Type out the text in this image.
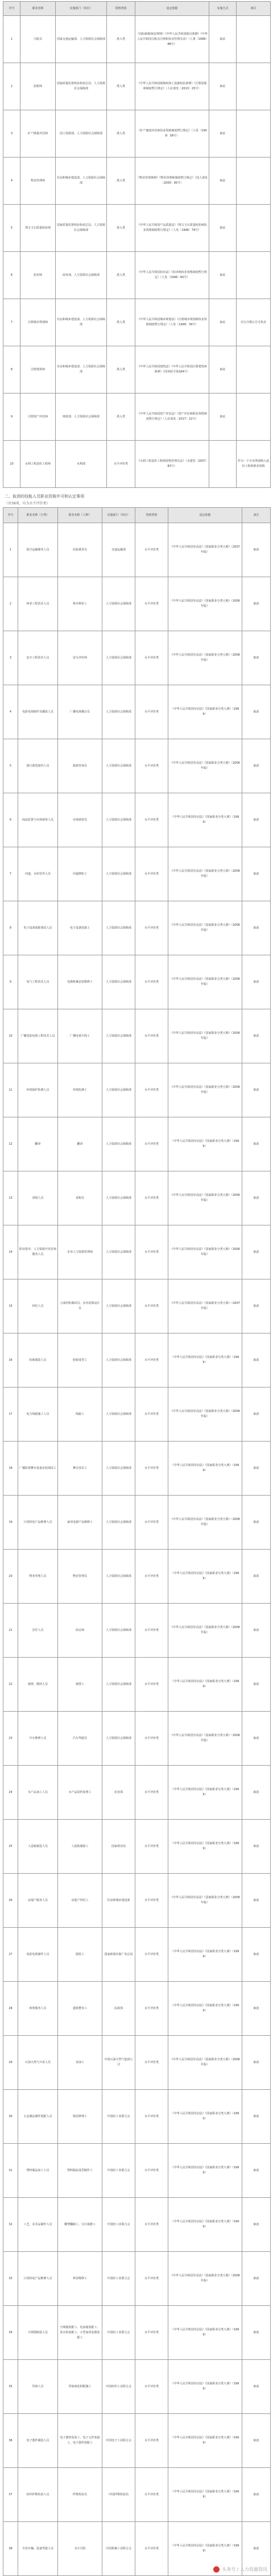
序号	职业名称	实施部门（单位）	资格类别	设定依据	实施方式	备注
1	引航员	国家交通运输部、人力资源社会保障部	准入类	《国际船舶保安规则》《中华人民共和国船员条例》《中华人民共和国引航员注册和执业管理办法》（人事〔1999〕88号）	取证	
2	验船师	国家质量监督检验检疫总局、人力资源社会保障部	准入类	《中华人民共和国船舶和海上设施检验条例》《注册验船师制度暂行规定》（人社部发〔2013〕25号）	取证	
3	矿产储量评估师	国土资源部、人力资源社会保障部	准入类	《矿产储量评估师执业资格制度暂行规定》（人发〔1999〕38号）	取证	
4	物业管理师	住房和城乡建设部、人力资源社会保障部	准入类	《物业管理条例》《物业管理师制度暂行规定》（国人部发〔2005〕95号）	取证	
5	珠宝玉石质量检验师	国家质量监督检验检疫总局、人力资源社会保障部	准入类	《中华人民共和国产品质量法》《珠宝玉石质量检验师执业资格制度暂行规定》（人发〔1996〕79号）	取证	
6	拍卖师	商务部、人力资源社会保障部	准入类	《中华人民共和国拍卖法》《拍卖师执业资格制度暂行规定》（人发〔1996〕60号）	取证	
7	注册城市规划师	住房和城乡建设部、人力资源社会保障部	准入类	《中华人民共和国城乡规划法》《注册城市规划师执业资格制度暂行规定》（人发〔1999〕39号）	取证	实行注册后方可执业
8	注册建筑师	住房和城乡建设部、人力资源社会保障部	准入类	《中华人民共和国建筑法》《中华人民共和国注册建筑师条例》（国务院令第184号）	取证	
9	注册资产评估师	财政部、人力资源社会保障部	准入类	《中华人民共和国资产评估法》《资产评估师职业资格制度暂行规定》（人社部发〔2017〕22号）	取证	
10	水利工程造价工程师	水利部	水平评价类	《水利工程造价工程师资格管理办法》（水建管〔2007〕83号）		作为一个专业类别纳入造价工程师职业资格
二、取消的技能人员职业资格许可和认定事项
（共38项，均为水平评价类）
序号	职业名称（小类）	职业名称（工种）	实施部门（单位）	资格类别	设定依据	备注
1	航空运输服务人员	民航乘务员	交通运输部	水平评价类	《中华人民共和国劳动法》《国家职业分类大典》（2007年版）	取消
2	林业工程技术人员	林木种苗工	人力资源社会保障部	水平评价类	《中华人民共和国劳动法》《国家职业分类大典》（2006年版）	取消
3	安全工程技术人员	安全评价师	人力资源社会保障部	水平评价类	《中华人民共和国劳动法》《国家职业分类大典》（2006年版）	取消
4	电影电视制作及播放人员	广播电视播音员	人力资源社会保障部	水平评价类	《中华人民共和国劳动法》《国家职业分类大典》（1999）	取消
5	旅行游览接待人员	旅游咨询员	人力资源社会保障部	水平评价类	《中华人民共和国劳动法》《国家职业分类大典》（2006年版）	取消
6	商品监督与市场调查人员	市场调查员	人力资源社会保障部	水平评价类	《中华人民共和国劳动法》《国家职业分类大典》（1999）	取消
7	河道、水库管养人员	河道修防工	人力资源社会保障部	水平评价类	《中华人民共和国劳动法》《国家职业分类大典》（2006年版）	取消
8	电子设备装配调试人员	电子设备装接工	人力资源社会保障部	水平评价类	《中华人民共和国劳动法》《国家职业分类大典》（2006年版）	取消
9	电气工程技术人员	电梯机械安装维修工	人力资源社会保障部	水平评价类	《中华人民共和国劳动法》《国家职业分类大典》（2006年版）	取消
10	广播电影电视工程技术人员	广播电视天线工	人力资源社会保障部	水平评价类	《中华人民共和国劳动法》《国家职业分类大典》（2006年版）	取消
11	环境保护检测人员	环境监测工	人力资源社会保障部	水平评价类	《中华人民共和国劳动法》《国家职业分类大典》（2006年版）	取消
12	翻译	翻译	人力资源社会保障部	水平评价类	《中华人民共和国劳动法》《国家职业分类大典》（1999）	取消
13	采购人员	采购员	人力资源社会保障部	水平评价类	《中华人民共和国劳动法》《国家职业分类大典》（2006年版）	取消
14	职业指导、人力资源开发咨询服务人员	企业人力资源管理师	人力资源社会保障部	水平评价类	《中华人民共和国劳动法》《国家职业分类大典》（2006年版）	取消
15	经纪人员	合成材料测试员、室内装饰设计员	人力资源社会保障部	水平评价类	《中华人民共和国劳动法》《国家职业分类大典》（2007年版）	取消
16	轮胎制造人员	轮胎成型工	人力资源社会保障部	水平评价类	《中华人民共和国劳动法》《国家职业分类大典》（1999）	取消
17	电力线路施工人员	线路工	人力资源社会保障部	水平评价类	《中华人民共和国劳动法》《国家职业分类大典》（2006年版）	取消
18	广播影视舞台设备安装调试工	舞台技术工	人力资源社会保障部	水平评价类	《中华人民共和国劳动法》《国家职业分类大典》（1999）	取消
19	日用机电产品维修人员	家用电器产品维修工	人力资源社会保障部	水平评价类	《中华人民共和国劳动法》《国家职业分类大典》（2006年版）	取消
20	物业管理人员	物业管理员	人力资源社会保障部	水平评价类	《中华人民共和国劳动法》《国家职业分类大典》（1999）	取消
21	烹饪人员	面点师	人力资源社会保障部	水平评价类	《中华人民共和国劳动法》《国家职业分类大典》（2006年版）	取消
22	裁剪、缝纫人员	裁剪工	人力资源社会保障部	水平评价类	《中华人民共和国劳动法》《国家职业分类大典》（1999）	取消
23	汽车维修人员	汽车驾驶员	人力资源社会保障部	水平评价类	《中华人民共和国劳动法》《国家职业分类大典》（2006年版）	取消
24	水产品加工人员	水产品原料处理工	农业部	水平评价类	《中华人民共和国劳动法》《国家职业分类大典》（1999）	取消
25	人造板制造人员	人造板制胶工	国家林业局	水平评价类	《中华人民共和国劳动法》《国家职业分类大典》（1999）	取消
26	房地产服务人员	房地产经纪人	住房和城乡建设部	水平评价类	《中华人民共和国劳动法》《国家职业分类大典》（2006年版）	取消
27	电影电视制作人员	剧装工	国家新闻出版广电总局	水平评价类	《中华人民共和国劳动法》《国家职业分类大典》（1999）	取消
28	殡葬服务人员	遗体整容工	民政部	水平评价类	《中华人民共和国劳动法》《国家职业分类大典》（1999）	取消
29	石油天然气开采人员	采油工	中国石油天然气集团公司	水平评价类	《中华人民共和国劳动法》《国家职业分类大典》（2006年版）	取消
30	五金制品制作装配人员	锁具修理工	中国轻工业联合会	水平评价类	《中华人民共和国劳动法》《国家职业分类大典》（1999）	取消
31	塑料制品加工人员	塑料制品成型制作工	中国轻工业联合会	水平评价类	《中华人民共和国劳动法》《国家职业分类大典》（1999）	取消
32	工艺、美术品制作人员	雕塑翻制工、宝石琢磨工	中国轻工业联合会	水平评价类	《中华人民共和国劳动法》《国家职业分类大典》（1999）	取消
33	日用机电产品维修人员	钟表维修工	中国轻工业联合会	水平评价类	《中华人民共和国劳动法》《国家职业分类大典》（2006年版）	取消
34	空调器制造人员	空调器装配工、电冰箱装配工、洗衣机装配工、小型家用电器装配工	中国轻工业联合会	水平评价类	《中华人民共和国劳动法》《国家职业分类大典》（1999）	取消
35	印染人员	印染染化料配制工	中国纺织工业联合会	水平评价类	《中华人民共和国劳动法》《国家职业分类大典》（1999）	取消
36	电子器件制造人员	电子器件检验工、电子元件装接工、电子器件装配工	中国电子工业联合会	水平评价类	《中华人民共和国劳动法》《国家职业分类大典》（1999）	取消
37	纺织纤维检验人员	纤维检验员	中国纤维检验局	水平评价类	《中华人民共和国劳动法》《国家职业分类大典》（1999）	取消
38	专用车辆、设备驾驶人员	叉车司机	中国机械工业联合会	水平评价类	《中华人民共和国劳动法》《国家职业分类大典》（1999）	取消
头条号 / 人力资源资讯
